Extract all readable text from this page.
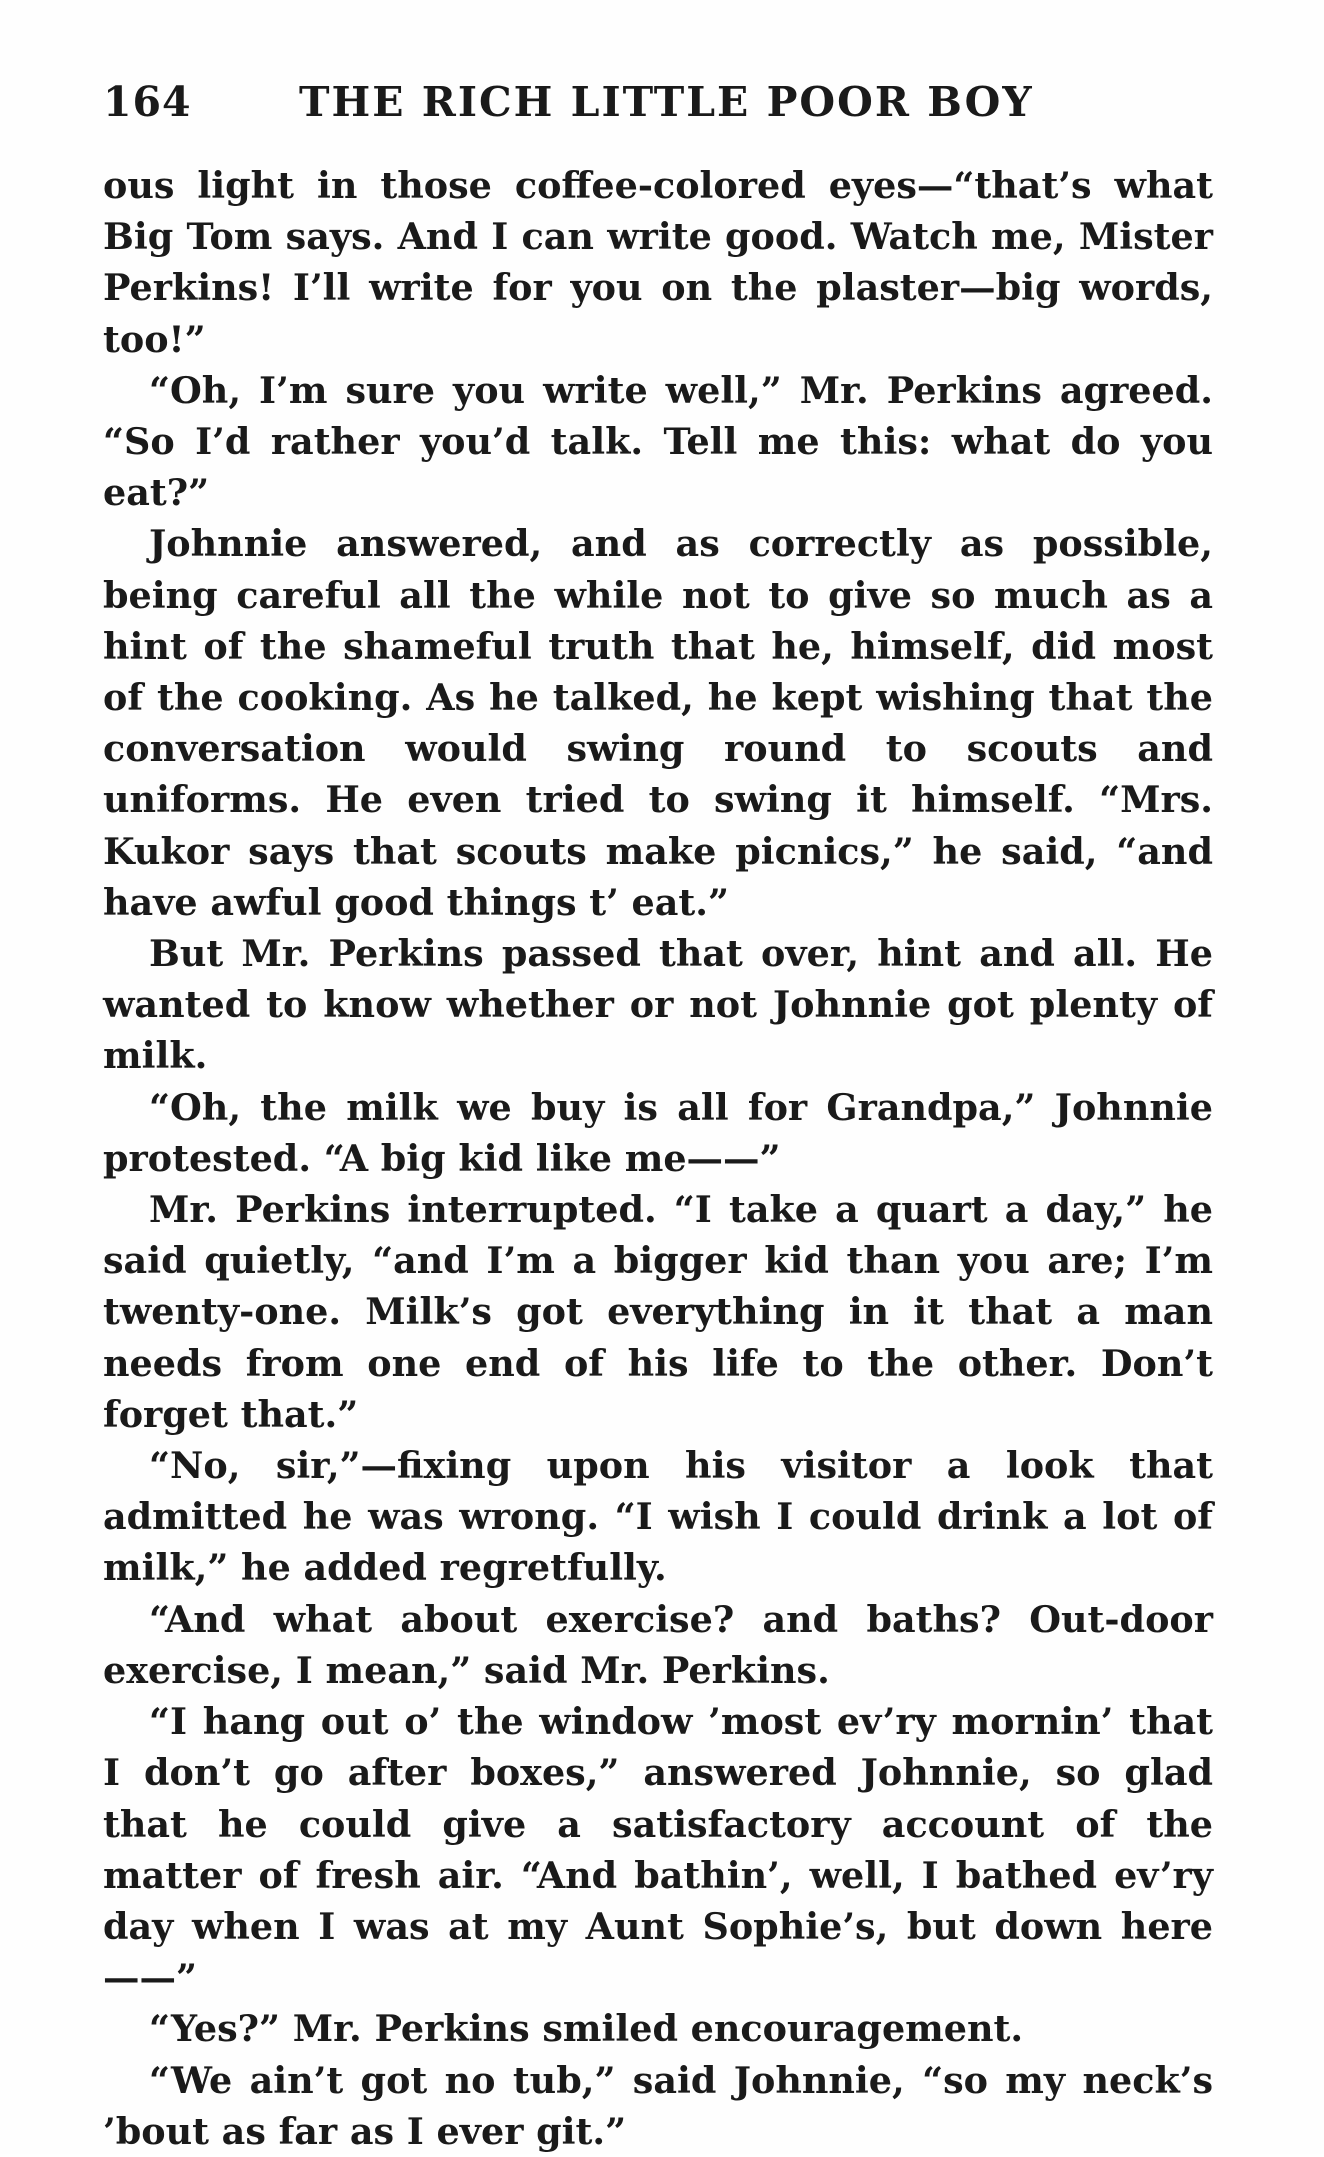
164	THE RICH LITTLE POOR BOY

ous light in those coffee-colored eyes—“that’s what Big Tom says. And I can write good. Watch me, Mister Perkins! I’ll write for you on the plaster—big words, too!”

“Oh, I’m sure you write well,” Mr. Perkins agreed. “So I’d rather you’d talk. Tell me this: what do you eat?”

Johnnie answered, and as correctly as possible, being careful all the while not to give so much as a hint of the shameful truth that he, himself, did most of the cooking. As he talked, he kept wishing that the conversation would swing round to scouts and uniforms. He even tried to swing it himself. “Mrs. Kukor says that scouts make picnics,” he said, “and have awful good things t’ eat.”

But Mr. Perkins passed that over, hint and all. He wanted to know whether or not Johnnie got plenty of milk.

“Oh, the milk we buy is all for Grandpa,” Johnnie protested. “A big kid like me——”

Mr. Perkins interrupted. “I take a quart a day,” he said quietly, “and I’m a bigger kid than you are; I’m twenty-one. Milk’s got everything in it that a man needs from one end of his life to the other. Don’t forget that.”

“No, sir,”—fixing upon his visitor a look that admitted he was wrong. “I wish I could drink a lot of milk,” he added regretfully.

“And what about exercise? and baths? Out-door exercise, I mean,” said Mr. Perkins.

“I hang out o’ the window ’most ev’ry mornin’ that I don’t go after boxes,” answered Johnnie, so glad that he could give a satisfactory account of the matter of fresh air. “And bathin’, well, I bathed ev’ry day when I was at my Aunt Sophie’s, but down here——”

“Yes?” Mr. Perkins smiled encouragement.

“We ain’t got no tub,” said Johnnie, “so my neck’s ’bout as far as I ever git.”
